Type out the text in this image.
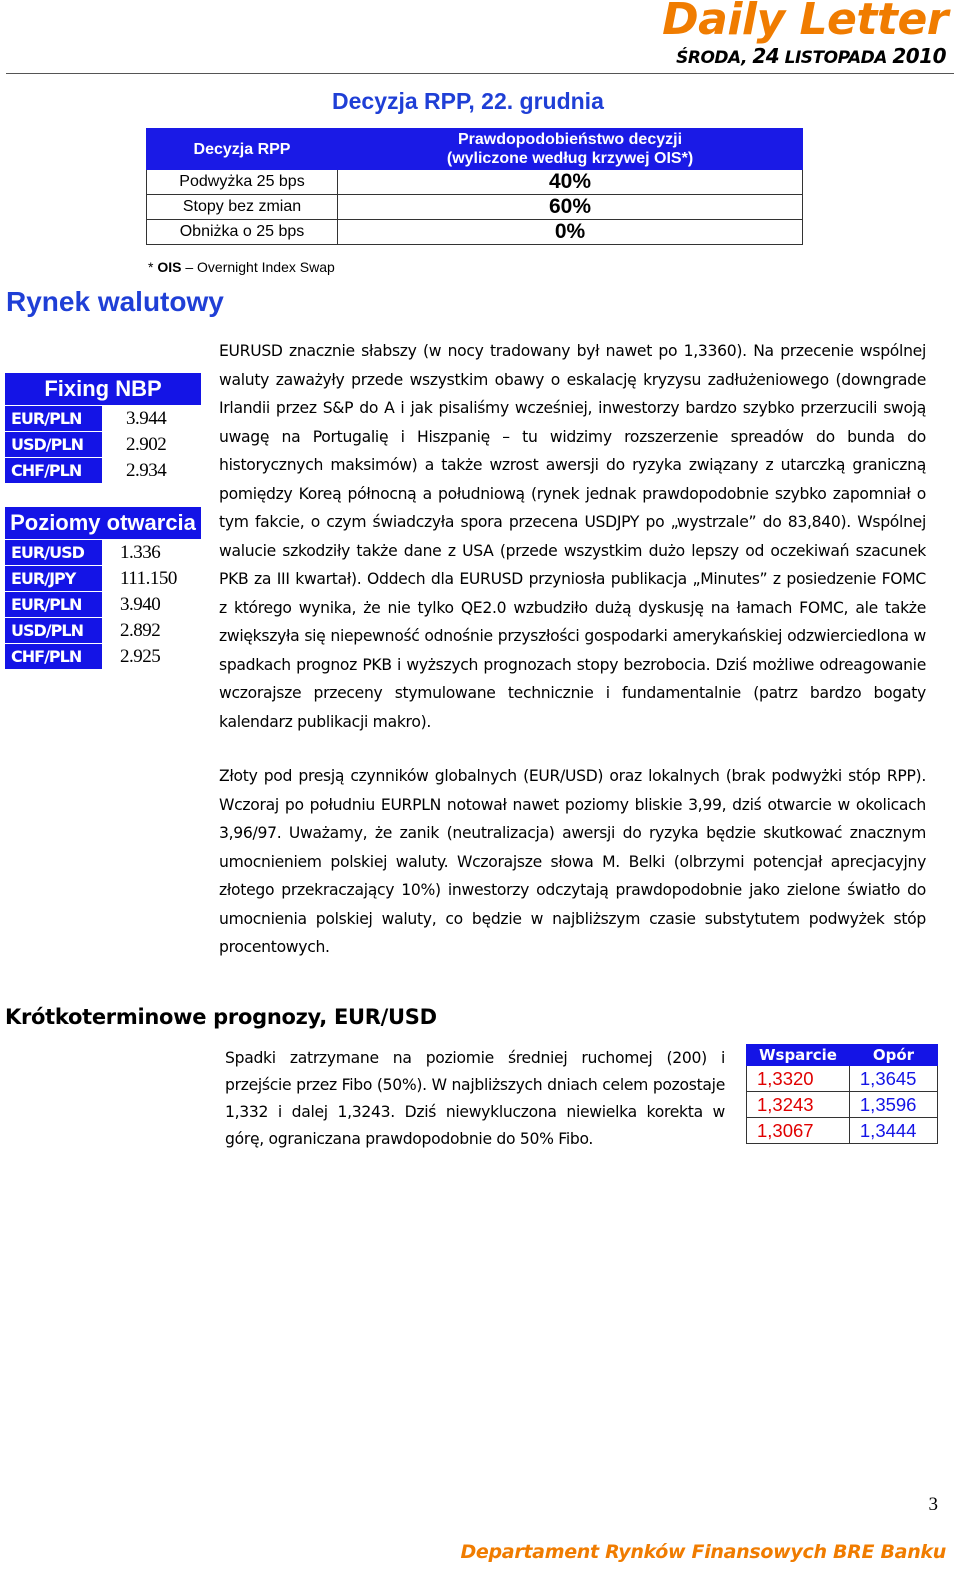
Daily Letter
ŚRODA, 24 LISTOPADA 2010
Decyzja RPP, 22. grudnia
Decyzja RPP	Prawdopodobieństwo decyzji
(wyliczone według krzywej OIS*)

Podwyżka 25 bps	40%
Stopy bez zmian	60%
Obniżka o 25 bps	0%
* OIS – Overnight Index Swap
Rynek walutowy
Fixing NBP
EUR/PLN	3.944
USD/PLN	2.902
CHF/PLN	2.934
Poziomy otwarcia
EUR/USD	1.336
EUR/JPY	111.150
EUR/PLN	3.940
USD/PLN	2.892
CHF/PLN	2.925
EURUSD znacznie słabszy (w nocy tradowany był nawet po 1,3360). Na przecenie wspólnej waluty zaważyły przede wszystkim obawy o eskalację kryzysu zadłużeniowego (downgrade Irlandii przez S&P do A i jak pisaliśmy wcześniej, inwestorzy bardzo szybko przerzucili swoją uwagę na Portugalię i Hiszpanię – tu widzimy rozszerzenie spreadów do bunda do historycznych maksimów) a także wzrost awersji do ryzyka związany z utarczką graniczną pomiędzy Koreą północną a południową (rynek jednak prawdopodobnie szybko zapomniał o tym fakcie, o czym świadczyła spora przecena USDJPY po „wystrzale” do 83,840). Wspólnej walucie szkodziły także dane z USA (przede wszystkim dużo lepszy od oczekiwań szacunek PKB za III kwartał). Oddech dla EURUSD przyniosła publikacja „Minutes” z posiedzenie FOMC z którego wynika, że nie tylko QE2.0 wzbudziło dużą dyskusję na łamach FOMC, ale także zwiększyła się niepewność odnośnie przyszłości gospodarki amerykańskiej odzwierciedlona w spadkach prognoz PKB i wyższych prognozach stopy bezrobocia. Dziś możliwe odreagowanie wczorajsze przeceny stymulowane technicznie i fundamentalnie (patrz bardzo bogaty kalendarz publikacji makro).
Złoty pod presją czynników globalnych (EUR/USD) oraz lokalnych (brak podwyżki stóp RPP). Wczoraj po południu EURPLN notował nawet poziomy bliskie 3,99, dziś otwarcie w okolicach 3,96/97. Uważamy, że zanik (neutralizacja) awersji do ryzyka będzie skutkować znacznym umocnieniem polskiej waluty. Wczorajsze słowa M. Belki (olbrzymi potencjał aprecjacyjny złotego przekraczający 10%) inwestorzy odczytają prawdopodobnie jako zielone światło do umocnienia polskiej waluty, co będzie w najbliższym czasie substytutem podwyżek stóp procentowych.
Krótkoterminowe prognozy, EUR/USD
Spadki zatrzymane na poziomie średniej ruchomej (200) i przejście przez Fibo (50%). W najbliższych dniach celem pozostaje 1,332 i dalej 1,3243. Dziś niewykluczona niewielka korekta w górę, ograniczana prawdopodobnie do 50% Fibo.
Wsparcie	Opór
1,3320	1,3645
1,3243	1,3596
1,3067	1,3444
3
Departament Rynków Finansowych BRE Banku
